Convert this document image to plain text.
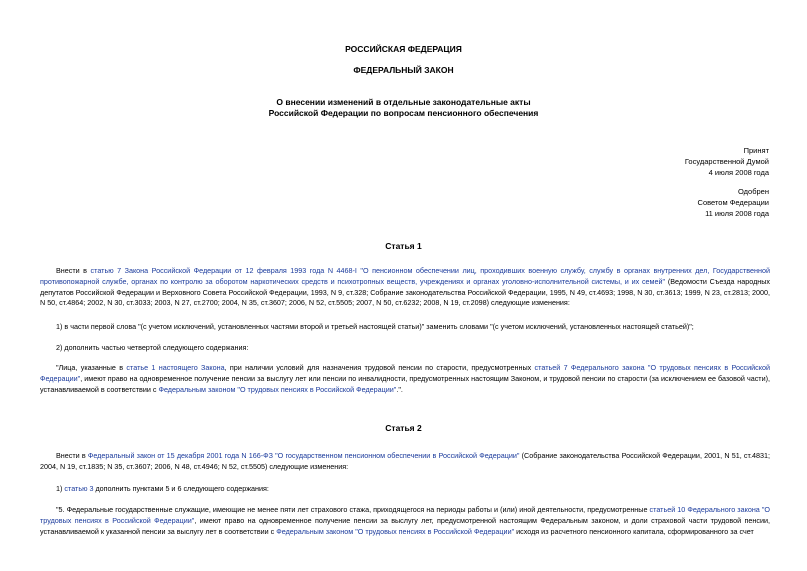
РОССИЙСКАЯ ФЕДЕРАЦИЯ
ФЕДЕРАЛЬНЫЙ ЗАКОН
О внесении изменений в отдельные законодательные акты
Российской Федерации по вопросам пенсионного обеспечения
Принят
Государственной Думой
4 июля 2008 года
Одобрен
Советом Федерации
11 июля 2008 года
Статья 1
Внести в статью 7 Закона Российской Федерации от 12 февраля 1993 года N 4468-I "О пенсионном обеспечении лиц, проходивших военную службу, службу в органах внутренних дел, Государственной противопожарной службе, органах по контролю за оборотом наркотических средств и психотропных веществ, учреждениях и органах уголовно-исполнительной системы, и их семей" (Ведомости Съезда народных депутатов Российской Федерации и Верховного Совета Российской Федерации, 1993, N 9, ст.328; Собрание законодательства Российской Федерации, 1995, N 49, ст.4693; 1998, N 30, ст.3613; 1999, N 23, ст.2813; 2000, N 50, ст.4864; 2002, N 30, ст.3033; 2003, N 27, ст.2700; 2004, N 35, ст.3607; 2006, N 52, ст.5505; 2007, N 50, ст.6232; 2008, N 19, ст.2098) следующие изменения:
1) в части первой слова "(с учетом исключений, установленных частями второй и третьей настоящей статьи)" заменить словами "(с учетом исключений, установленных настоящей статьей)";
2) дополнить частью четвертой следующего содержания:
"Лица, указанные в статье 1 настоящего Закона, при наличии условий для назначения трудовой пенсии по старости, предусмотренных статьей 7 Федерального закона "О трудовых пенсиях в Российской Федерации", имеют право на одновременное получение пенсии за выслугу лет или пенсии по инвалидности, предусмотренных настоящим Законом, и трудовой пенсии по старости (за исключением ее базовой части), устанавливаемой в соответствии с Федеральным законом "О трудовых пенсиях в Российской Федерации".".
Статья 2
Внести в Федеральный закон от 15 декабря 2001 года N 166-ФЗ "О государственном пенсионном обеспечении в Российской Федерации" (Собрание законодательства Российской Федерации, 2001, N 51, ст.4831; 2004, N 19, ст.1835; N 35, ст.3607; 2006, N 48, ст.4946; N 52, ст.5505) следующие изменения:
1) статью 3 дополнить пунктами 5 и 6 следующего содержания:
"5. Федеральные государственные служащие, имеющие не менее пяти лет страхового стажа, приходящегося на периоды работы и (или) иной деятельности, предусмотренные статьей 10 Федерального закона "О трудовых пенсиях в Российской Федерации", имеют право на одновременное получение пенсии за выслугу лет, предусмотренной настоящим Федеральным законом, и доли страховой части трудовой пенсии, устанавливаемой к указанной пенсии за выслугу лет в соответствии с Федеральным законом "О трудовых пенсиях в Российской Федерации" исходя из расчетного пенсионного капитала, сформированного за счет
